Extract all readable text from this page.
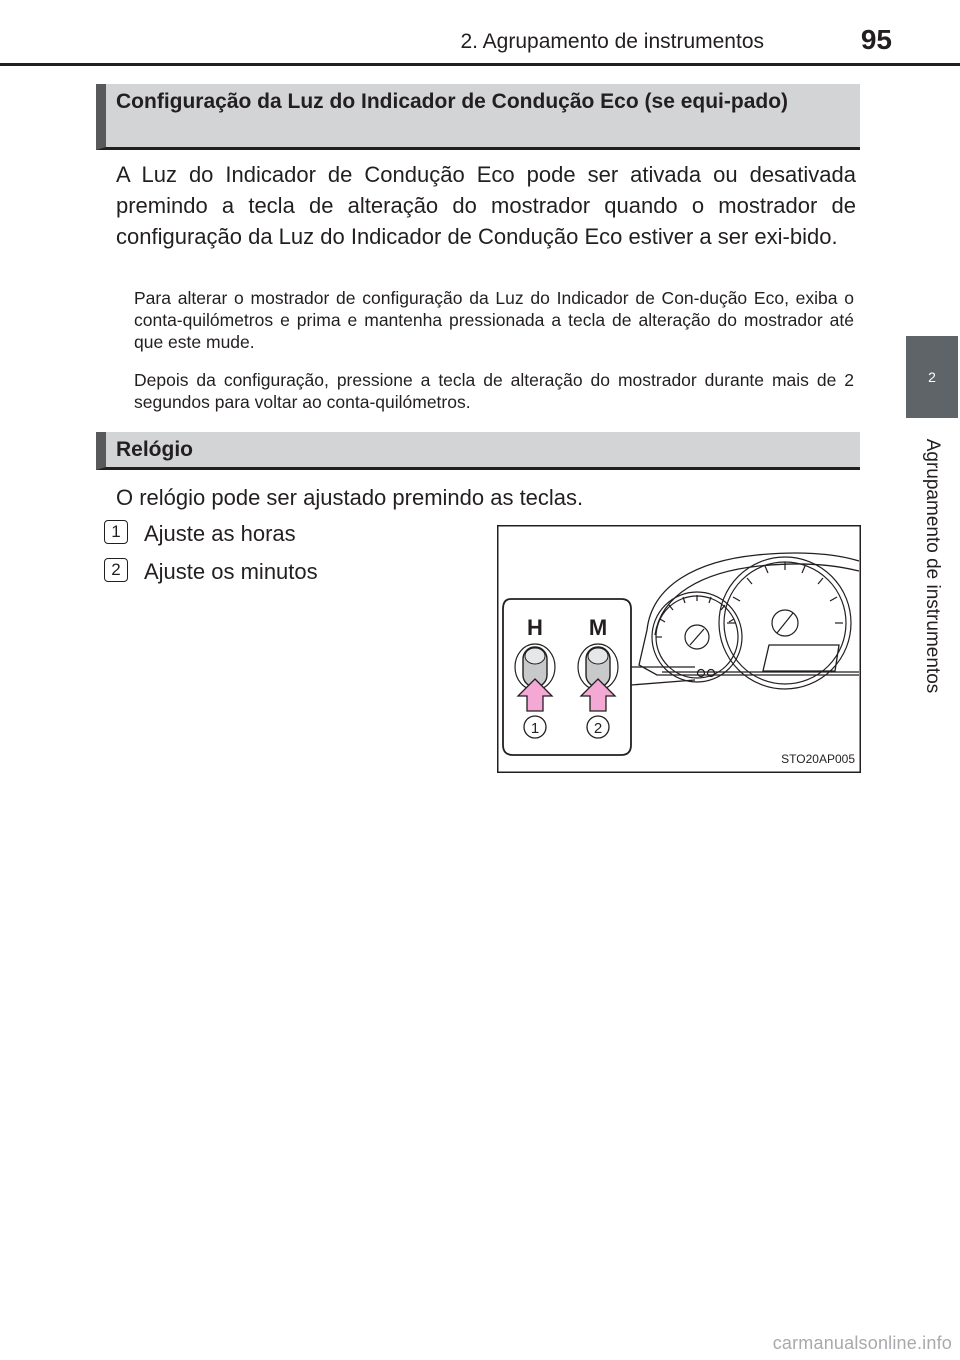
2. Agrupamento de instrumentos	95
2
Agrupamento de instrumentos
Configuração da Luz do Indicador de Condução Eco (se equi-pado)
A Luz do Indicador de Condução Eco pode ser ativada ou desativada premindo a tecla de alteração do mostrador quando o mostrador de configuração da Luz do Indicador de Condução Eco estiver a ser exi-bido.
Para alterar o mostrador de configuração da Luz do Indicador de Con-dução Eco, exiba o conta-quilómetros e prima e mantenha pressionada a tecla de alteração do mostrador até que este mude.
Depois da configuração, pressione a tecla de alteração do mostrador durante mais de 2 segundos para voltar ao conta-quilómetros.
Relógio
O relógio pode ser ajustado premindo as teclas.
1	Ajuste as horas
2	Ajuste os minutos
H M
1	2
STO20AP005
carmanualsonline.info
